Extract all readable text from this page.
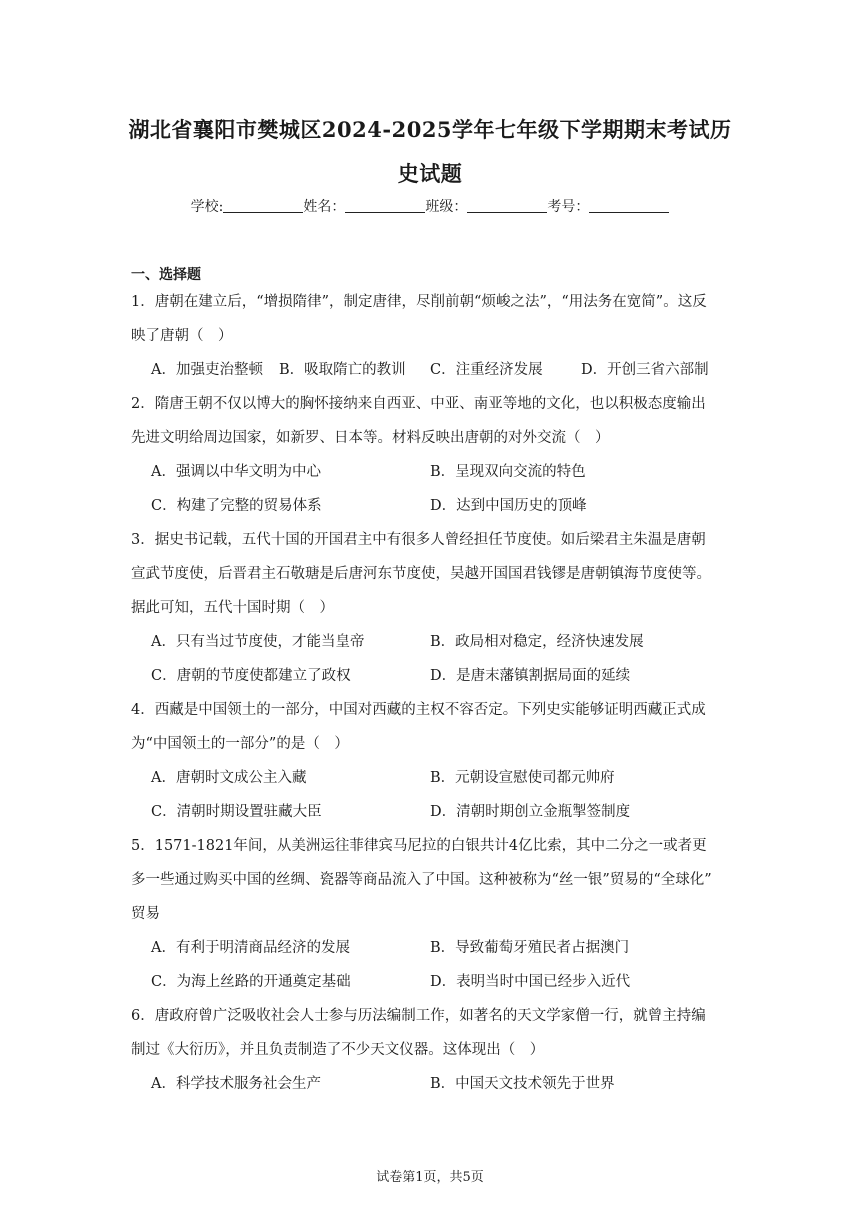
湖北省襄阳市樊城区2024-2025学年七年级下学期期末考试历
史试题
学校:	姓名：	班级：	考号：
一、选择题
1．唐朝在建立后，“增损隋律”，制定唐律，尽削前朝“烦峻之法”，“用法务在宽简”。这反
映了唐朝（　）
A．加强吏治整顿 B．吸取隋亡的教训 C．注重经济发展	D．开创三省六部制
2．隋唐王朝不仅以博大的胸怀接纳来自西亚、中亚、南亚等地的文化，也以积极态度输出
先进文明给周边国家，如新罗、日本等。材料反映出唐朝的对外交流（　）
A．强调以中华文明为中心	B．呈现双向交流的特色
C．构建了完整的贸易体系	D．达到中国历史的顶峰
3．据史书记载，五代十国的开国君主中有很多人曾经担任节度使。如后梁君主朱温是唐朝
宣武节度使，后晋君主石敬瑭是后唐河东节度使，吴越开国国君钱镠是唐朝镇海节度使等。
据此可知，五代十国时期（　）
A．只有当过节度使，才能当皇帝	B．政局相对稳定，经济快速发展
C．唐朝的节度使都建立了政权	D．是唐末藩镇割据局面的延续
4．西藏是中国领土的一部分，中国对西藏的主权不容否定。下列史实能够证明西藏正式成
为“中国领土的一部分”的是（　）
A．唐朝时文成公主入藏	B．元朝设宣慰使司都元帅府
C．清朝时期设置驻藏大臣	D．清朝时期创立金瓶掣签制度
5．1571-1821年间，从美洲运往菲律宾马尼拉的白银共计4亿比索，其中二分之一或者更
多一些通过购买中国的丝绸、瓷器等商品流入了中国。这种被称为“丝一银”贸易的“全球化”
贸易
A．有利于明清商品经济的发展	B．导致葡萄牙殖民者占据澳门
C．为海上丝路的开通奠定基础	D．表明当时中国已经步入近代
6．唐政府曾广泛吸收社会人士参与历法编制工作，如著名的天文学家僧一行，就曾主持编
制过《大衍历》，并且负责制造了不少天文仪器。这体现出（　）
A．科学技术服务社会生产	B．中国天文技术领先于世界
试卷第1页，共5页
